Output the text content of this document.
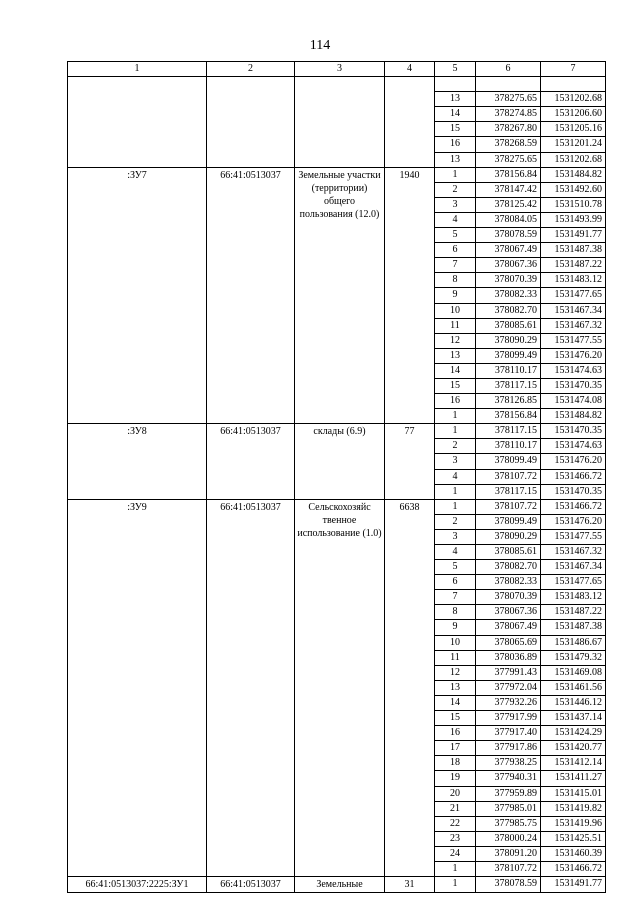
114
1	2	3	4	5	6	7

				13	378275.65	1531202.68
				14	378274.85	1531206.60
				15	378267.80	1531205.16
				16	378268.59	1531201.24
				13	378275.65	1531202.68
:ЗУ7	66:41:0513037	Земельные участки (территории) общего пользования (12.0)	1940	1	378156.84	1531484.82
				2	378147.42	1531492.60
				3	378125.42	1531510.78
				4	378084.05	1531493.99
				5	378078.59	1531491.77
				6	378067.49	1531487.38
				7	378067.36	1531487.22
				8	378070.39	1531483.12
				9	378082.33	1531477.65
				10	378082.70	1531467.34
				11	378085.61	1531467.32
				12	378090.29	1531477.55
				13	378099.49	1531476.20
				14	378110.17	1531474.63
				15	378117.15	1531470.35
				16	378126.85	1531474.08
				1	378156.84	1531484.82
:ЗУ8	66:41:0513037	склады (6.9)	77	1	378117.15	1531470.35
				2	378110.17	1531474.63
				3	378099.49	1531476.20
				4	378107.72	1531466.72
				1	378117.15	1531470.35
:ЗУ9	66:41:0513037	Сельскохозяйс твенное использование (1.0)	6638	1	378107.72	1531466.72
				2	378099.49	1531476.20
				3	378090.29	1531477.55
				4	378085.61	1531467.32
				5	378082.70	1531467.34
				6	378082.33	1531477.65
				7	378070.39	1531483.12
				8	378067.36	1531487.22
				9	378067.49	1531487.38
				10	378065.69	1531486.67
				11	378036.89	1531479.32
				12	377991.43	1531469.08
				13	377972.04	1531461.56
				14	377932.26	1531446.12
				15	377917.99	1531437.14
				16	377917.40	1531424.29
				17	377917.86	1531420.77
				18	377938.25	1531412.14
				19	377940.31	1531411.27
				20	377959.89	1531415.01
				21	377985.01	1531419.82
				22	377985.75	1531419.96
				23	378000.24	1531425.51
				24	378091.20	1531460.39
				1	378107.72	1531466.72
66:41:0513037:2225:ЗУ1	66:41:0513037	Земельные	31	1	378078.59	1531491.77
